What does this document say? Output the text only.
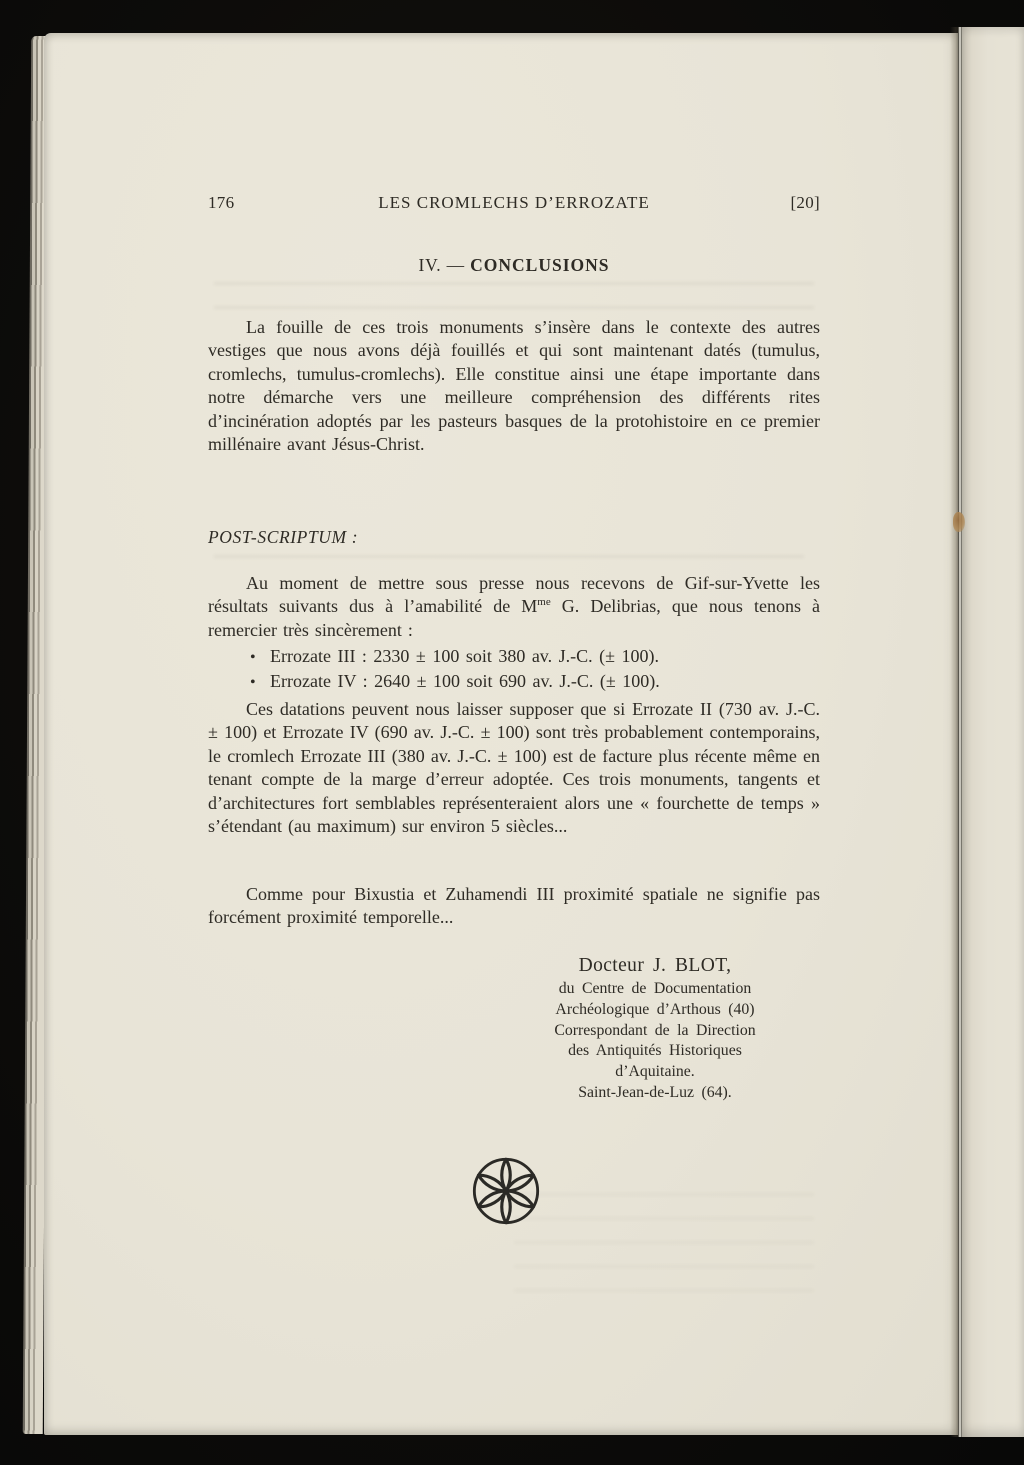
176	LES CROMLECHS D’ERROZATE	[20]
IV. — CONCLUSIONS

La fouille de ces trois monuments s’insère dans le contexte des autres vestiges que nous avons déjà fouillés et qui sont maintenant datés (tumulus, cromlechs, tumulus-cromlechs). Elle constitue ainsi une étape importante dans notre démarche vers une meilleure compréhension des différents rites d’incinération adoptés par les pasteurs basques de la protohistoire en ce premier millénaire avant Jésus-Christ.

POST-SCRIPTUM :

Au moment de mettre sous presse nous recevons de Gif-sur-Yvette les résultats suivants dus à l’amabilité de $M^{me}$ G. Delibrias, que nous tenons à remercier très sincèrement :

• Errozate III : 2330 ± 100 soit 380 av. J.-C. (± 100).
• Errozate IV : 2640 ± 100 soit 690 av. J.-C. (± 100).

Ces datations peuvent nous laisser supposer que si Errozate II (730 av. J.-C. ± 100) et Errozate IV (690 av. J.-C. ± 100) sont très probablement contemporains, le cromlech Errozate III (380 av. J.-C. ± 100) est de facture plus récente même en tenant compte de la marge d’erreur adoptée. Ces trois monuments, tangents et d’architectures fort semblables représenteraient alors une « fourchette de temps » s’étendant (au maximum) sur environ 5 siècles...

Comme pour Bixustia et Zuhamendi III proximité spatiale ne signifie pas forcément proximité temporelle...

Docteur J. BLOT,
du Centre de Documentation
Archéologique d’Arthous (40)
Correspondant de la Direction
des Antiquités Historiques
d’Aquitaine.
Saint-Jean-de-Luz (64).
